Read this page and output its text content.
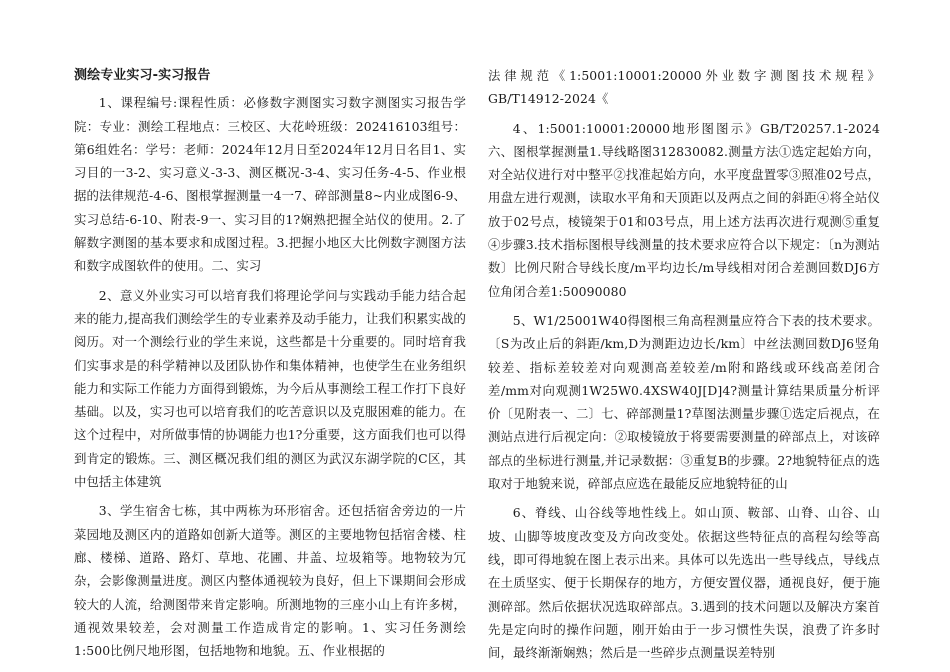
测绘专业实习-实习报告

1、课程编号:课程性质：必修数字测图实习数字测图实习报告学院：专业：测绘工程地点：三校区、大花岭班级：202416103组号：第6组姓名：学号：老师：2024年12月日至2024年12月日名目1、实习目的一3-2、实习意义-3-3、测区概况-3-4、实习任务-4-5、作业根据的法律规范-4-6、图根掌握测量一4一7、碎部测量8~内业成图6-9、实习总结-6-10、附表-9一、实习目的1?娴熟把握全站仪的使用。2.了解数字测图的基本要求和成图过程。3.把握小地区大比例数字测图方法和数字成图软件的使用。二、实习

2、意义外业实习可以培育我们将理论学问与实践动手能力结合起来的能力,提高我们测绘学生的专业素养及动手能力，让我们积累实战的阅历。对一个测绘行业的学生来说，这些都是十分重要的。同时培育我们实事求是的科学精神以及团队协作和集体精神，也使学生在业务组织能力和实际工作能力方面得到锻炼，为今后从事测绘工程工作打下良好基础。以及，实习也可以培育我们的吃苦意识以及克服困难的能力。在这个过程中，对所做事情的协调能力也1?分重要，这方面我们也可以得到肯定的锻炼。三、测区概况我们组的测区为武汉东湖学院的C区，其中包括主体建筑

3、学生宿舍七栋，其中两栋为环形宿舍。还包括宿舍旁边的一片菜园地及测区内的道路如创新大道等。测区的主要地物包括宿舍楼、柱廊、楼梯、道路、路灯、草地、花圃、井盖、垃圾箱等。地物较为冗杂，会影像测量进度。测区内整体通视较为良好，但上下课期间会形成较大的人流，给测图带来肯定影响。所测地物的三座小山上有许多树，通视效果较差，会对测量工作造成肯定的影响。1、实习任务测绘1:500比例尺地形图，包括地物和地貌。五、作业根据的

法律规范《1:5001:10001:20000外业数字测图技术规程》GB/T14912-2024《

4、1:5001:10001:20000地形图图示》GB/T20257.1-2024六、图根掌握测量1.导线略图312830082.测量方法①选定起始方向，对全站仪进行对中整平②找准起始方向，水平度盘置零③照准02号点，用盘左进行观测，读取水平角和天顶距以及两点之间的斜距④将全站仪放于02号点，棱镜架于01和03号点，用上述方法再次进行观测⑤重复④步骤3.技术指标图根导线测量的技术要求应符合以下规定：〔n为测站数〕比例尺附合导线长度/m平均边长/m导线相对闭合差测回数DJ6方位角闭合差1:50090080

5、W1/25001W40得图根三角高程测量应符合下表的技术要求。〔S为改止后的斜距/km,D为测距边边长/km〕中丝法测回数DJ6竖角较差、指标差较差对向观测高差较差/m附和路线或环线高差闭合差/mm对向观测1W25W0.4XSW40J[D]4?测量计算结果质量分析评价〔见附表一、二〕七、碎部测量1?草图法测量步骤①选定后视点，在测站点进行后视定向：②取棱镜放于将要需要测量的碎部点上，对该碎部点的坐标进行测量,并记录数据：③重复B的步骤。2?地貌特征点的选取对于地貌来说，碎部点应选在最能反应地貌特征的山

6、脊线、山谷线等地性线上。如山顶、鞍部、山脊、山谷、山坡、山脚等坡度改变及方向改变处。依据这些特征点的高程勾绘等高线，即可得地貌在图上表示出来。具体可以先选出一些导线点，导线点在土质坚实、便于长期保存的地方，方便安置仪器，通视良好，便于施测碎部。然后依据状况选取碎部点。3.遇到的技术问题以及解决方案首先是定向时的操作问题，刚开始由于一步习惯性失误，浪费了许多时间，最终渐渐娴熟；然后是一些碎步点测量误差特别
